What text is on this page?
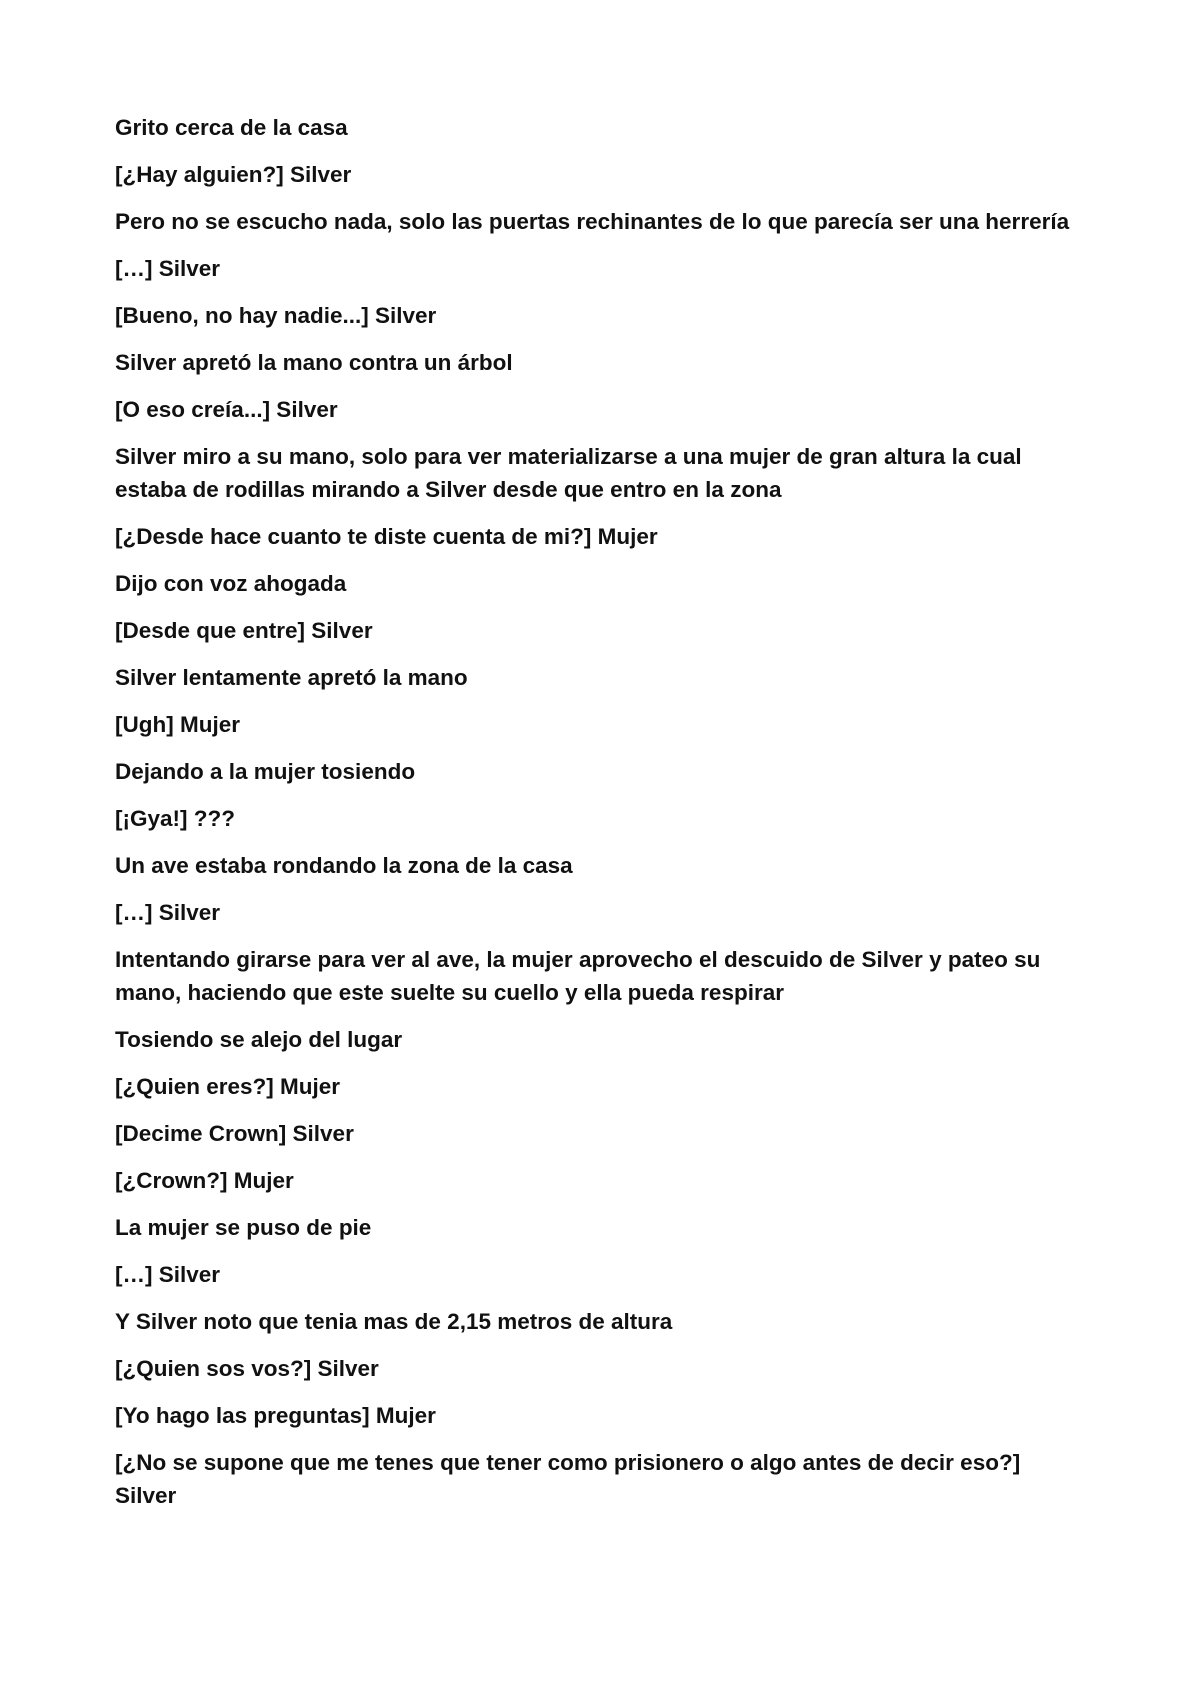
Grito cerca de la casa

[¿Hay alguien?] Silver

Pero no se escucho nada, solo las puertas rechinantes de lo que parecía ser una herrería

[…] Silver

[Bueno, no hay nadie...] Silver

Silver apretó la mano contra un árbol

[O eso creía...] Silver

Silver miro a su mano, solo para ver materializarse a una mujer de gran altura la cual estaba de rodillas mirando a Silver desde que entro en la zona

[¿Desde hace cuanto te diste cuenta de mi?] Mujer

Dijo con voz ahogada

[Desde que entre] Silver

Silver lentamente apretó la mano

[Ugh] Mujer

Dejando a la mujer tosiendo

[¡Gya!] ???

Un ave estaba rondando la zona de la casa

[…] Silver

Intentando girarse para ver al ave, la mujer aprovecho el descuido de Silver y pateo su mano, haciendo que este suelte su cuello y ella pueda respirar

Tosiendo se alejo del lugar

[¿Quien eres?] Mujer

[Decime Crown] Silver

[¿Crown?] Mujer

La mujer se puso de pie

[…] Silver

Y Silver noto que tenia mas de 2,15 metros de altura

[¿Quien sos vos?] Silver

[Yo hago las preguntas] Mujer

[¿No se supone que me tenes que tener como prisionero o algo antes de decir eso?] Silver
